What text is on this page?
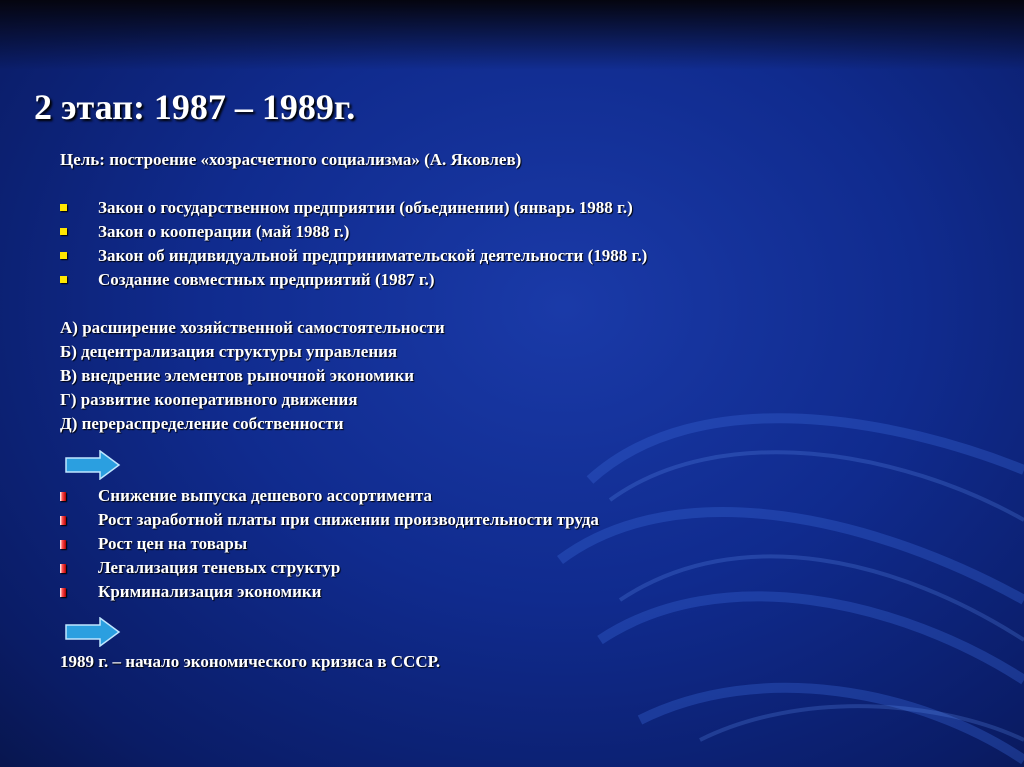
2 этап: 1987 – 1989г.
Цель: построение «хозрасчетного социализма» (А. Яковлев)
Закон о государственном предприятии (объединении) (январь 1988 г.)
Закон о кооперации (май 1988 г.)
Закон об индивидуальной предпринимательской деятельности (1988 г.)
Создание совместных предприятий (1987 г.)
А) расширение хозяйственной самостоятельности
Б) децентрализация структуры управления
В) внедрение элементов рыночной экономики
Г) развитие кооперативного движения
Д) перераспределение собственности
Снижение выпуска дешевого ассортимента
Рост заработной платы при снижении производительности труда
Рост цен на товары
Легализация теневых структур
Криминализация экономики
1989 г. – начало экономического кризиса в СССР.
